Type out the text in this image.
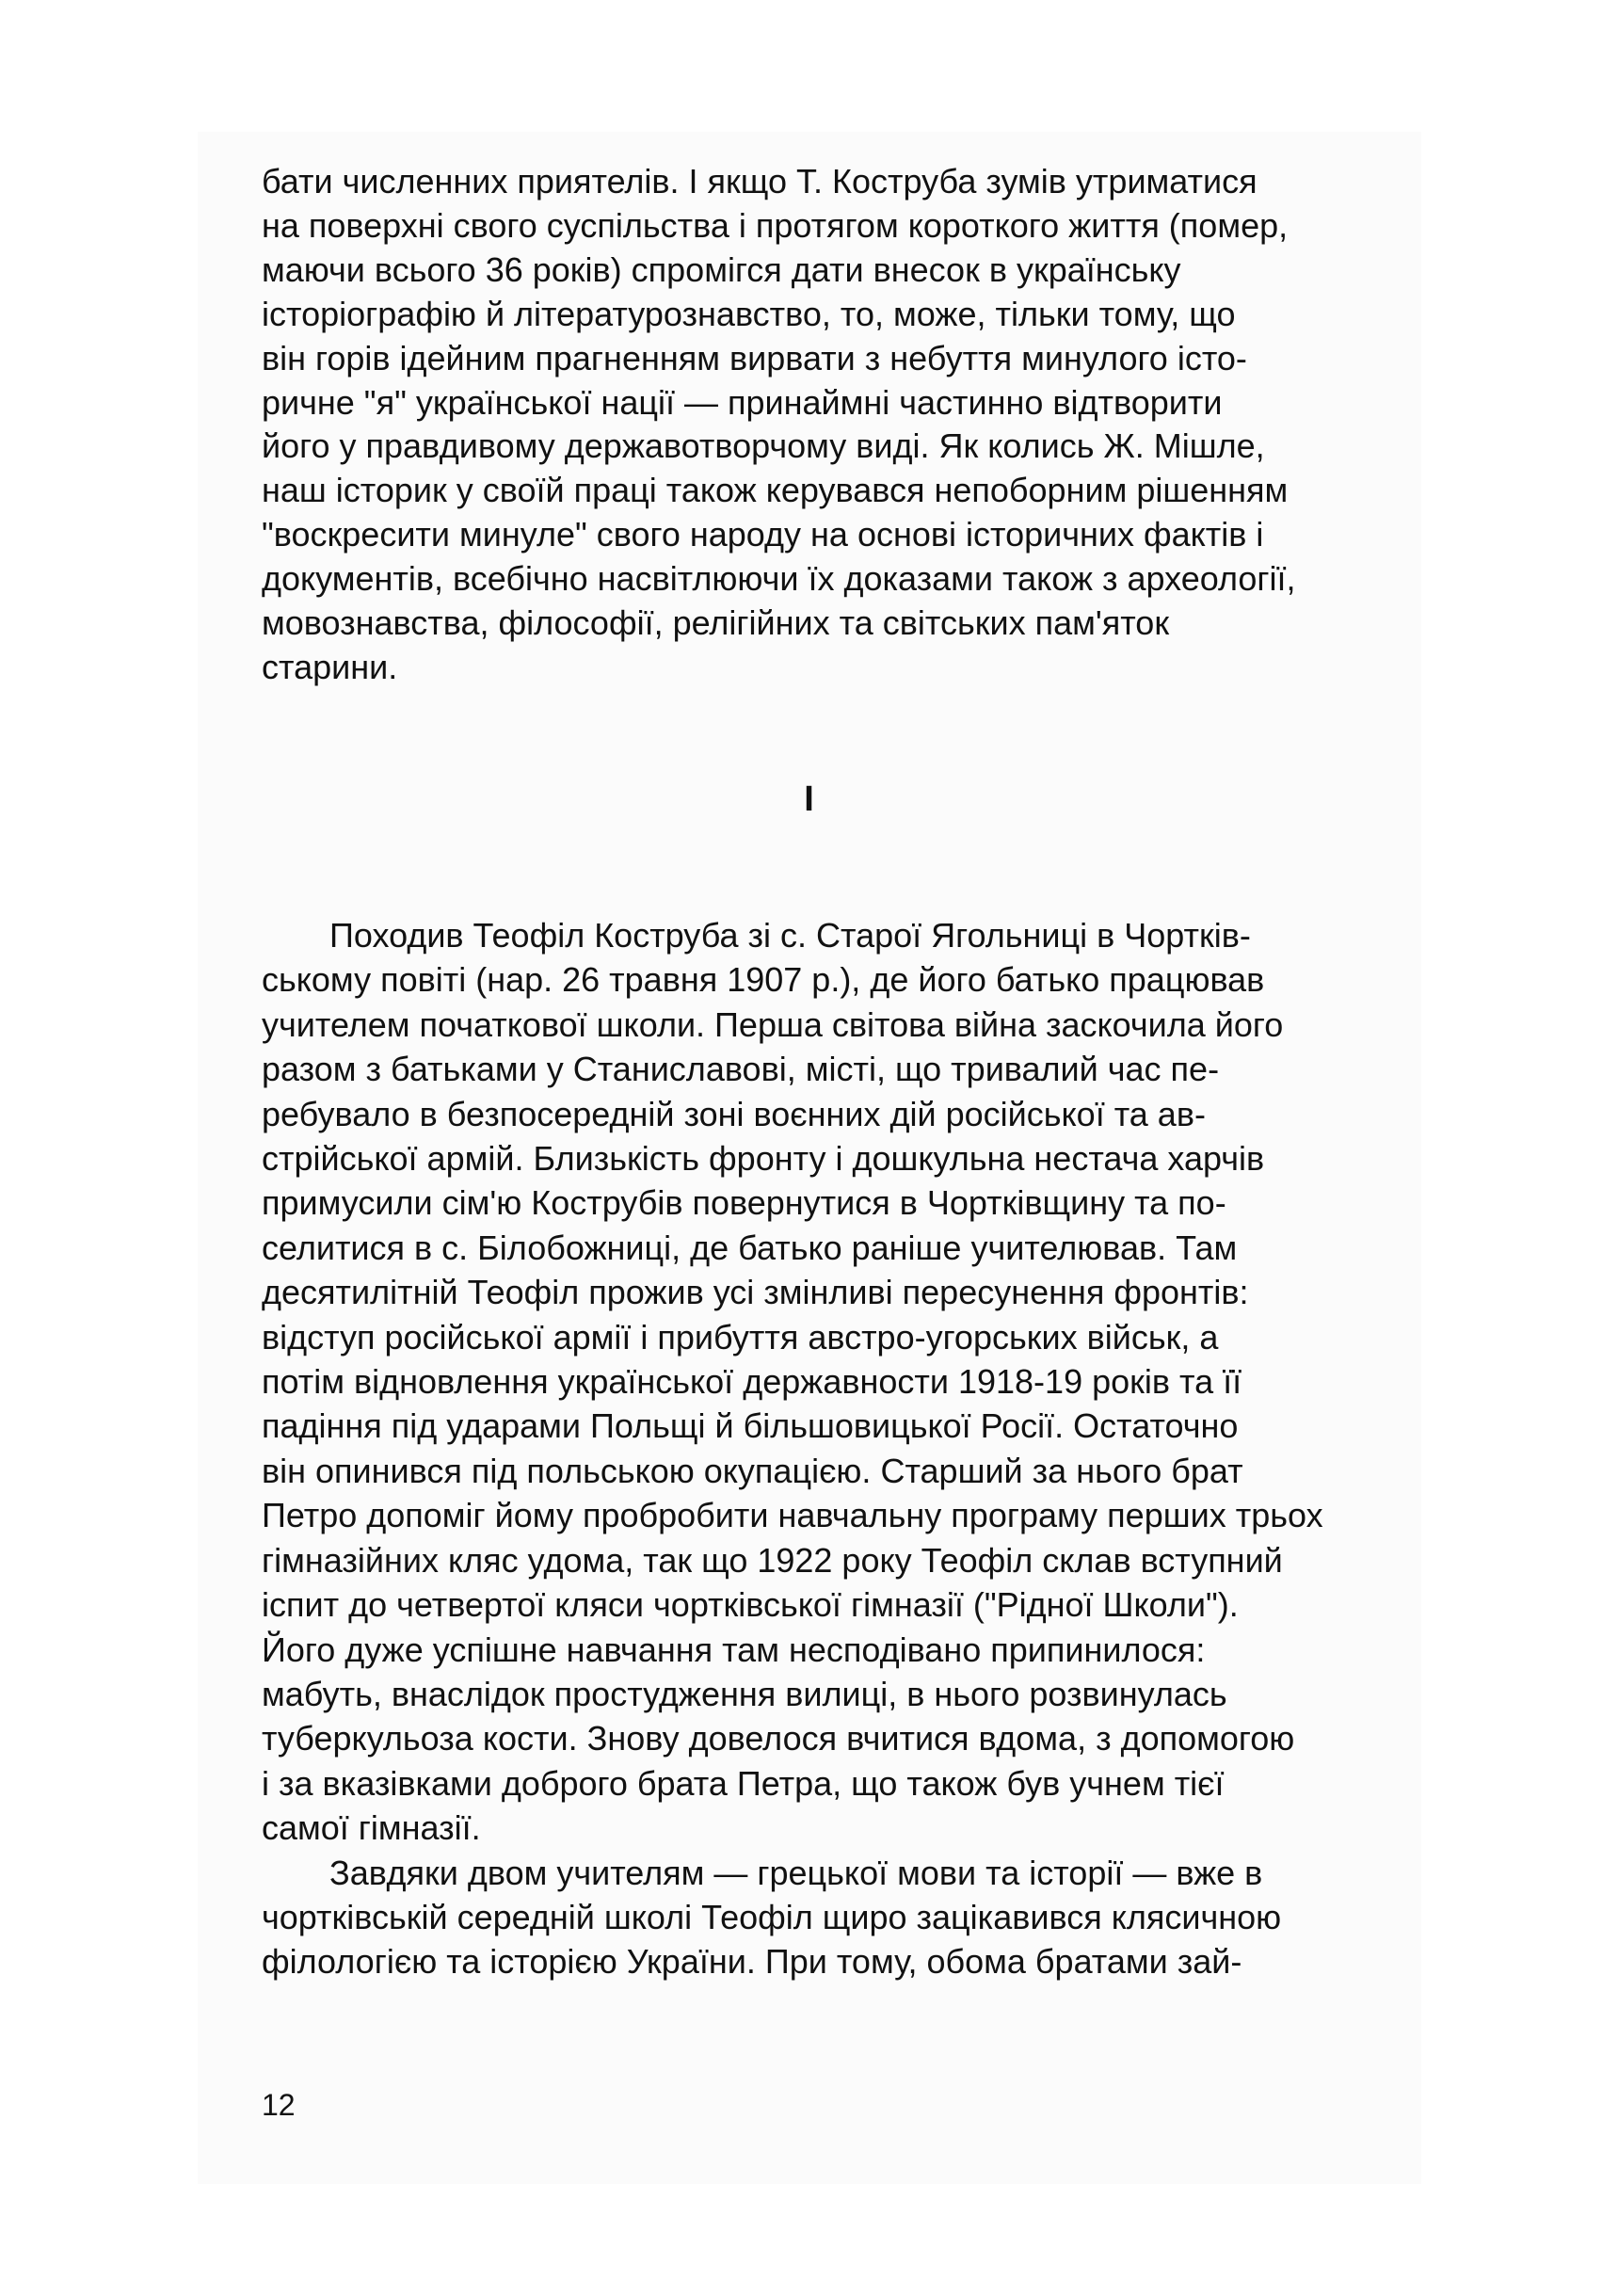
бати численних приятелів. І якщо Т. Коструба зумів утриматися
на поверхні свого суспільства і протягом короткого життя (помер,
маючи всього 36 років) спромігся дати внесок в українську
історіографію й літературознавство, то, може, тільки тому, що
він горів ідейним прагненням вирвати з небуття минулого істо-
ричне "я" української нації — принаймні частинно відтворити
його у правдивому державотворчому виді. Як колись Ж. Мішле,
наш історик у своїй праці також керувався непоборним рішенням
"воскресити минуле" свого народу на основі історичних фактів і
документів, всебічно насвітлюючи їх доказами також з археології,
мовознавства, філософії, релігійних та світських пам'яток
старини.

I

Походив Теофіл Коструба зі с. Старої Ягольниці в Чортків-
ському повіті (нар. 26 травня 1907 р.), де його батько працював
учителем початкової школи. Перша світова війна заскочила його
разом з батьками у Станиславові, місті, що тривалий час пе-
ребувало в безпосередній зоні воєнних дій російської та ав-
стрійської армій. Близькість фронту і дошкульна нестача харчів
примусили сім'ю Кострубів повернутися в Чортківщину та по-
селитися в с. Білобожниці, де батько раніше учителював. Там
десятилітній Теофіл прожив усі змінливі пересунення фронтів:
відступ російської армії і прибуття австро-угорських військ, а
потім відновлення української державности 1918-19 років та її
падіння під ударами Польщі й більшовицької Росії. Остаточно
він опинився під польською окупацією. Старший за нього брат
Петро допоміг йому пробробити навчальну програму перших трьох
гімназійних кляс удома, так що 1922 року Теофіл склав вступний
іспит до четвертої кляси чортківської гімназії ("Рідної Школи").
Його дуже успішне навчання там несподівано припинилося:
мабуть, внаслідок простудження вилиці, в нього розвинулась
туберкульоза кости. Знову довелося вчитися вдома, з допомогою
і за вказівками доброго брата Петра, що також був учнем тієї
самої гімназії.

Завдяки двом учителям — грецької мови та історії — вже в
чортківській середній школі Теофіл щиро зацікавився клясичною
філологією та історією України. При тому, обома братами зай-

12
